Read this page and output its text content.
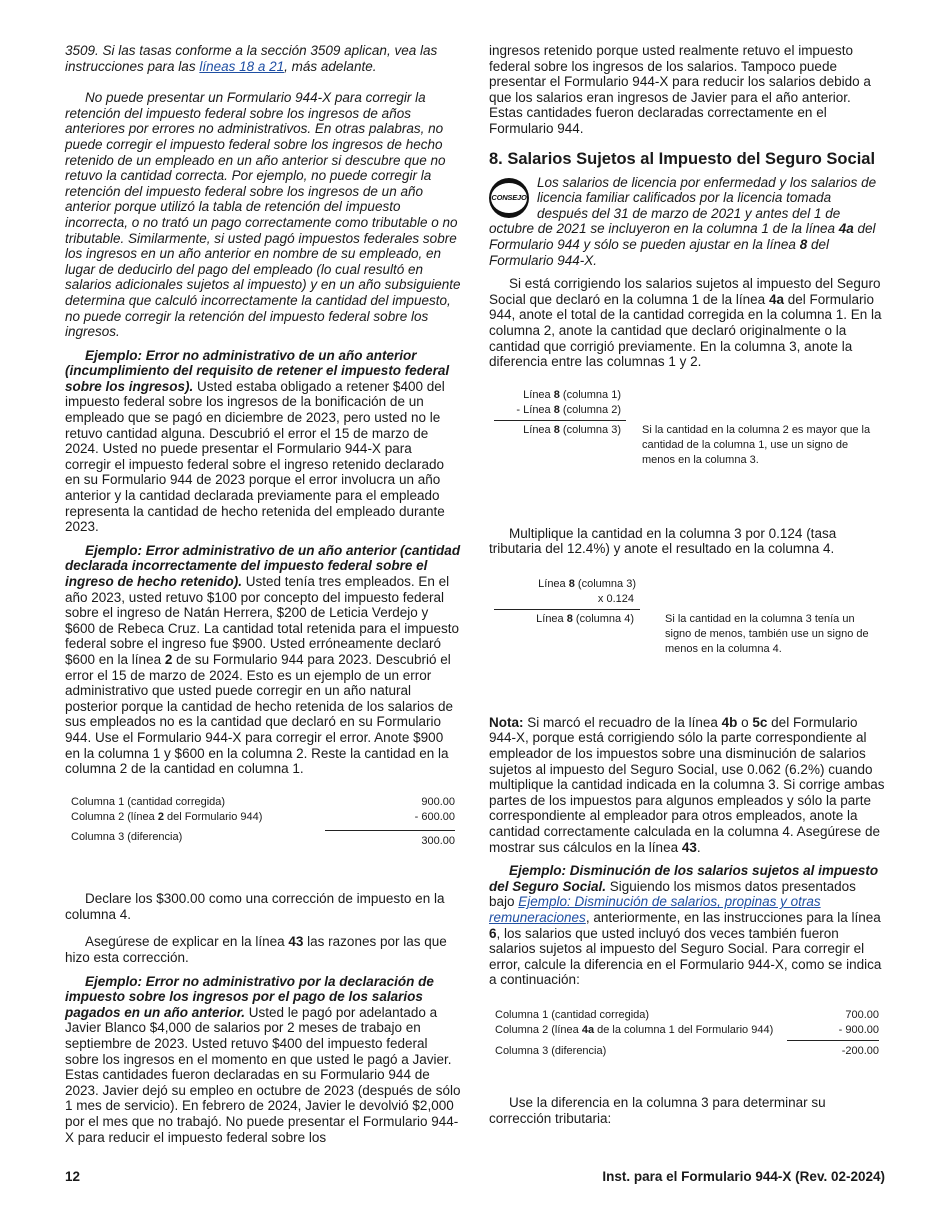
3509. Si las tasas conforme a la sección 3509 aplican, vea las instrucciones para las líneas 18 a 21, más adelante.

No puede presentar un Formulario 944-X para corregir la retención del impuesto federal sobre los ingresos de años anteriores por errores no administrativos. En otras palabras, no puede corregir el impuesto federal sobre los ingresos de hecho retenido de un empleado en un año anterior si descubre que no retuvo la cantidad correcta. Por ejemplo, no puede corregir la retención del impuesto federal sobre los ingresos de un año anterior porque utilizó la tabla de retención del impuesto incorrecta, o no trató un pago correctamente como tributable o no tributable. Similarmente, si usted pagó impuestos federales sobre los ingresos en un año anterior en nombre de su empleado, en lugar de deducirlo del pago del empleado (lo cual resultó en salarios adicionales sujetos al impuesto) y en un año subsiguiente determina que calculó incorrectamente la cantidad del impuesto, no puede corregir la retención del impuesto federal sobre los ingresos.

Ejemplo: Error no administrativo de un año anterior (incumplimiento del requisito de retener el impuesto federal sobre los ingresos). Usted estaba obligado a retener $400 del impuesto federal sobre los ingresos de la bonificación de un empleado que se pagó en diciembre de 2023, pero usted no le retuvo cantidad alguna. Descubrió el error el 15 de marzo de 2024. Usted no puede presentar el Formulario 944-X para corregir el impuesto federal sobre el ingreso retenido declarado en su Formulario 944 de 2023 porque el error involucra un año anterior y la cantidad declarada previamente para el empleado representa la cantidad de hecho retenida del empleado durante 2023.

Ejemplo: Error administrativo de un año anterior (cantidad declarada incorrectamente del impuesto federal sobre el ingreso de hecho retenido). Usted tenía tres empleados. En el año 2023, usted retuvo $100 por concepto del impuesto federal sobre el ingreso de Natán Herrera, $200 de Leticia Verdejo y $600 de Rebeca Cruz. La cantidad total retenida para el impuesto federal sobre el ingreso fue $900. Usted erróneamente declaró $600 en la línea 2 de su Formulario 944 para 2023. Descubrió el error el 15 de marzo de 2024. Esto es un ejemplo de un error administrativo que usted puede corregir en un año natural posterior porque la cantidad de hecho retenida de los salarios de sus empleados no es la cantidad que declaró en su Formulario 944. Use el Formulario 944-X para corregir el error. Anote $900 en la columna 1 y $600 en la columna 2. Reste la cantidad en la columna 2 de la cantidad en columna 1.

Columna 1 (cantidad corregida)	900.00
Columna 2 (línea 2 del Formulario 944)	- 600.00
Columna 3 (diferencia)	300.00

Declare los $300.00 como una corrección de impuesto en la columna 4.

Asegúrese de explicar en la línea 43 las razones por las que hizo esta corrección.

Ejemplo: Error no administrativo por la declaración de impuesto sobre los ingresos por el pago de los salarios pagados en un año anterior. Usted le pagó por adelantado a Javier Blanco $4,000 de salarios por 2 meses de trabajo en septiembre de 2023. Usted retuvo $400 del impuesto federal sobre los ingresos en el momento en que usted le pagó a Javier. Estas cantidades fueron declaradas en su Formulario 944 de 2023. Javier dejó su empleo en octubre de 2023 (después de sólo 1 mes de servicio). En febrero de 2024, Javier le devolvió $2,000 por el mes que no trabajó. No puede presentar el Formulario 944-X para reducir el impuesto federal sobre los

ingresos retenido porque usted realmente retuvo el impuesto federal sobre los ingresos de los salarios. Tampoco puede presentar el Formulario 944-X para reducir los salarios debido a que los salarios eran ingresos de Javier para el año anterior. Estas cantidades fueron declaradas correctamente en el Formulario 944.

8. Salarios Sujetos al Impuesto del Seguro Social
CONSEJO
Los salarios de licencia por enfermedad y los salarios de licencia familiar calificados por la licencia tomada después del 31 de marzo de 2021 y antes del 1 de octubre de 2021 se incluyeron en la columna 1 de la línea 4a del Formulario 944 y sólo se pueden ajustar en la línea 8 del Formulario 944-X.

Si está corrigiendo los salarios sujetos al impuesto del Seguro Social que declaró en la columna 1 de la línea 4a del Formulario 944, anote el total de la cantidad corregida en la columna 1. En la columna 2, anote la cantidad que declaró originalmente o la cantidad que corrigió previamente. En la columna 3, anote la diferencia entre las columnas 1 y 2.

Línea 8 (columna 1)
- Línea 8 (columna 2)
Línea 8 (columna 3) Si la cantidad en la columna 2 es mayor que la cantidad de la columna 1, use un signo de menos en la columna 3.

Multiplique la cantidad en la columna 3 por 0.124 (tasa tributaria del 12.4%) y anote el resultado en la columna 4.

Línea 8 (columna 3)
x 0.124
Línea 8 (columna 4)	Si la cantidad en la columna 3 tenía un signo de menos, también use un signo de menos en la columna 4.

Nota: Si marcó el recuadro de la línea 4b o 5c del Formulario 944-X, porque está corrigiendo sólo la parte correspondiente al empleador de los impuestos sobre una disminución de salarios sujetos al impuesto del Seguro Social, use 0.062 (6.2%) cuando multiplique la cantidad indicada en la columna 3. Si corrige ambas partes de los impuestos para algunos empleados y sólo la parte correspondiente al empleador para otros empleados, anote la cantidad correctamente calculada en la columna 4. Asegúrese de mostrar sus cálculos en la línea 43.

Ejemplo: Disminución de los salarios sujetos al impuesto del Seguro Social. Siguiendo los mismos datos presentados bajo Ejemplo: Disminución de salarios, propinas y otras remuneraciones, anteriormente, en las instrucciones para la línea 6, los salarios que usted incluyó dos veces también fueron salarios sujetos al impuesto del Seguro Social. Para corregir el error, calcule la diferencia en el Formulario 944-X, como se indica a continuación:

Columna 1 (cantidad corregida)	700.00
Columna 2 (línea 4a de la columna 1 del Formulario 944)	- 900.00
Columna 3 (diferencia)	-200.00

Use la diferencia en la columna 3 para determinar su corrección tributaria:

12	Inst. para el Formulario 944-X (Rev. 02-2024)
